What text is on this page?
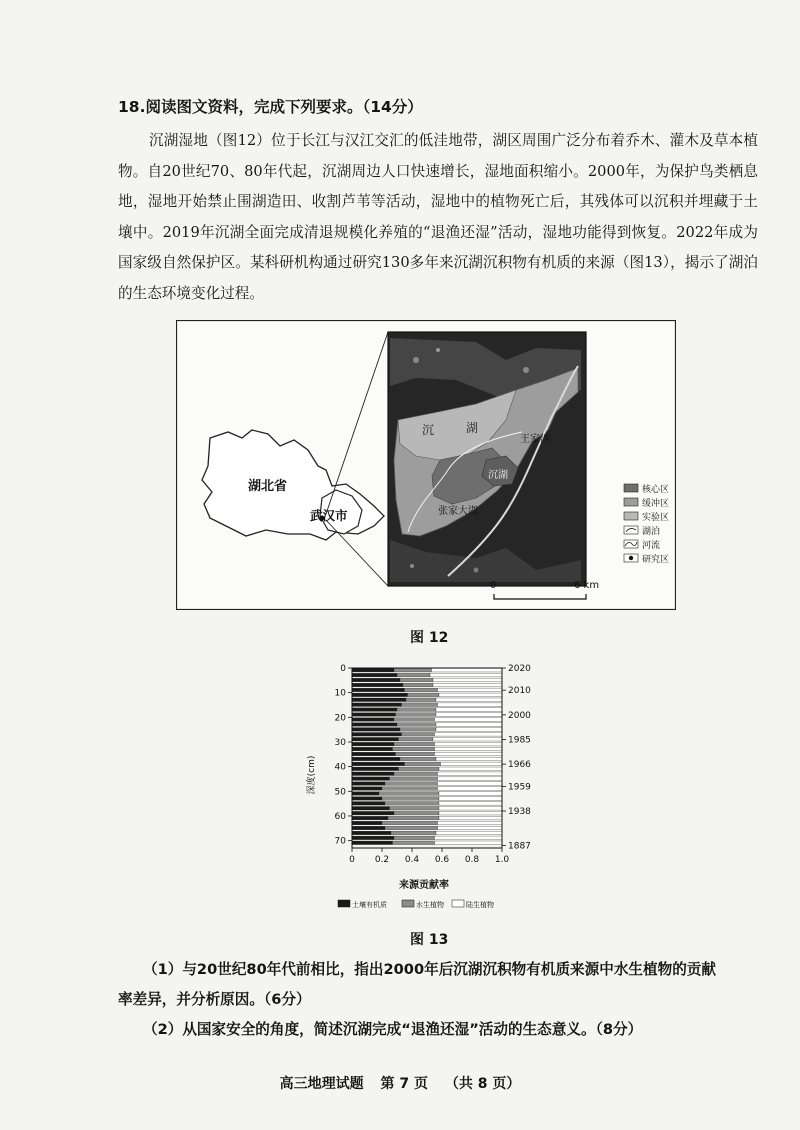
18.阅读图文资料，完成下列要求。（14分）
沉湖湿地（图12）位于长江与汉江交汇的低洼地带，湖区周围广泛分布着乔木、灌木及草本植物。自20世纪70、80年代起，沉湖周边人口快速增长，湿地面积缩小。2000年，为保护鸟类栖息地，湿地开始禁止围湖造田、收割芦苇等活动，湿地中的植物死亡后，其残体可以沉积并埋藏于土壤中。2019年沉湖全面完成清退规模化养殖的“退渔还湿”活动，湿地功能得到恢复。2022年成为国家级自然保护区。某科研机构通过研究130多年来沉湖沉积物有机质的来源（图13），揭示了湖泊的生态环境变化过程。
湖北省
武汉市
沉	湖
王家涉
张家大湖
沉湖
核心区
缓冲区
实验区
湖泊
河流
研究区
0	6 km
图 12
0
10
20
30
40
50
60
70
0 0.2 0.4 0.6 0.8 1.0
2020
2010
2000
1985
1966
1959
1938
1887
土壤有机质	水生植物	陆生植物
来源贡献率
深度(cm)
图 13
（1）与20世纪80年代前相比，指出2000年后沉湖沉积物有机质来源中水生植物的贡献
率差异，并分析原因。（6分）
（2）从国家安全的角度，简述沉湖完成“退渔还湿”活动的生态意义。（8分）
高三地理试题 第 7 页 （共 8 页）
